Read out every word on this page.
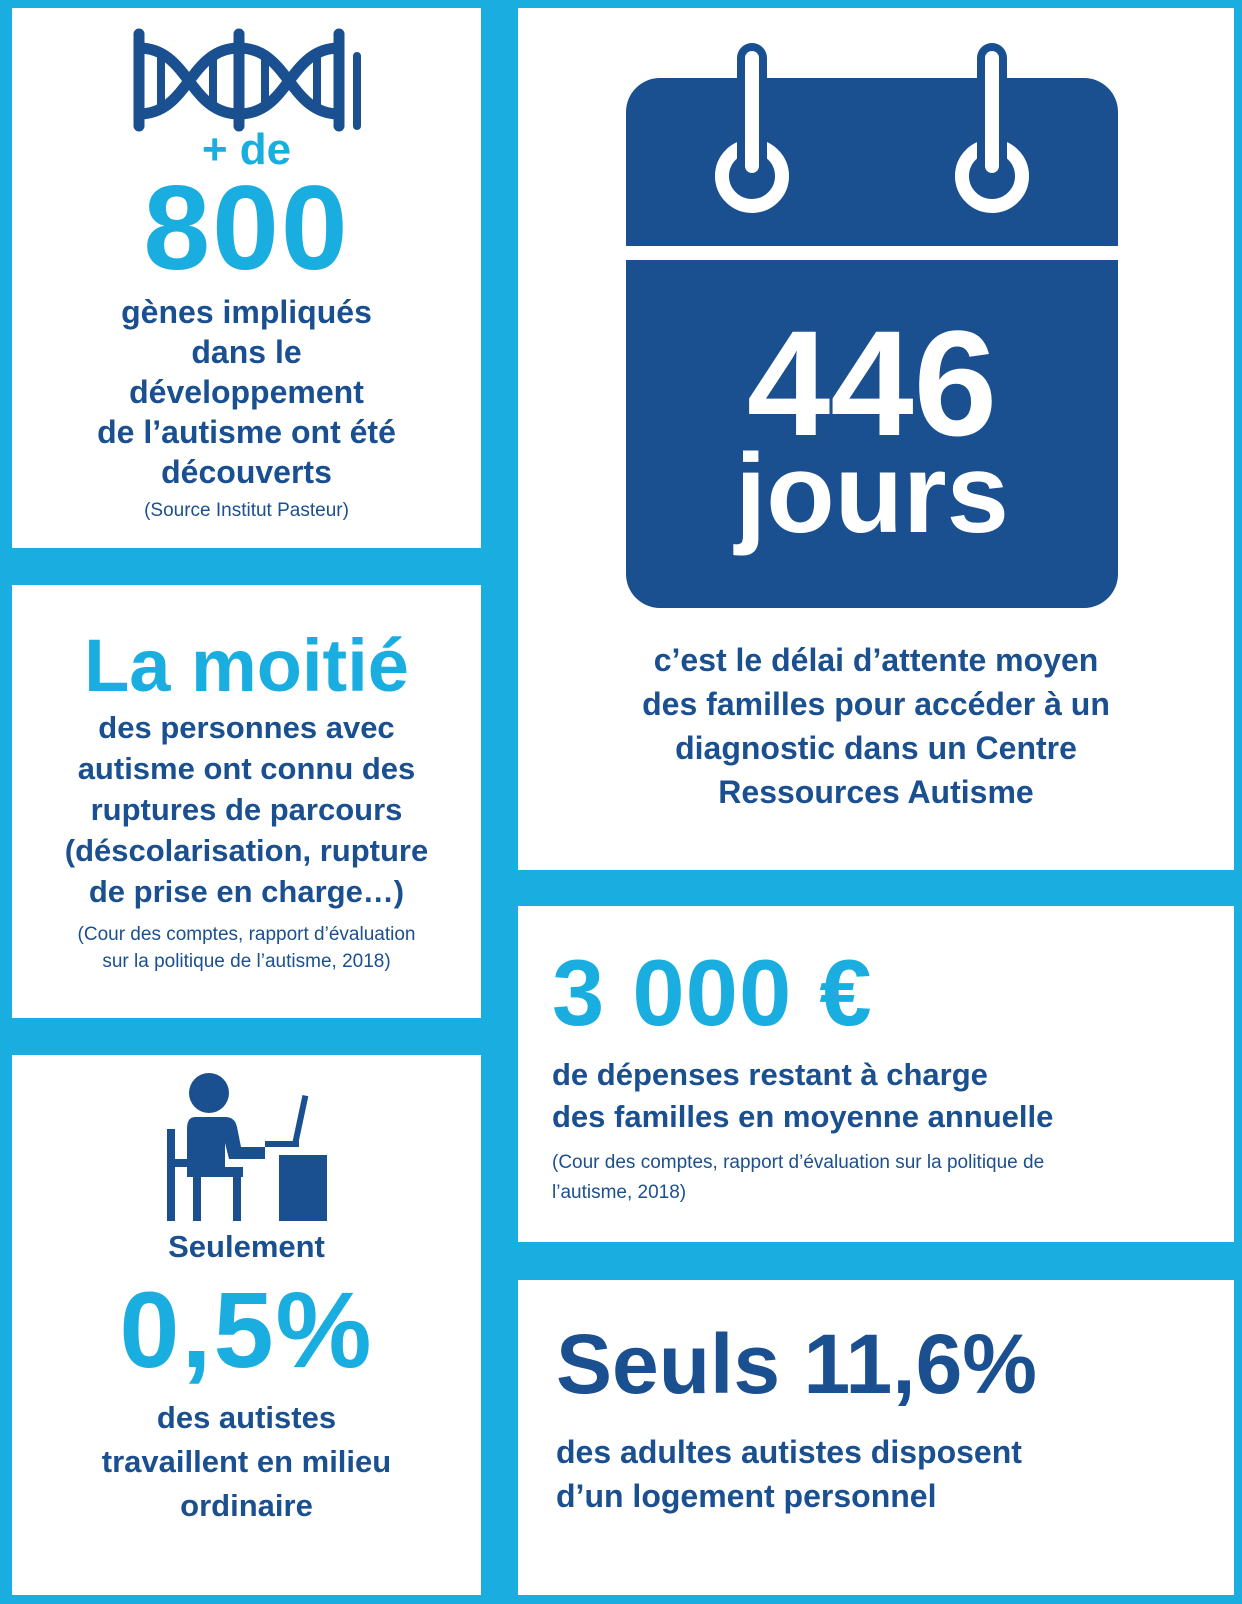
+ de
800
gènes impliqués
dans le
développement
de l’autisme ont été
découverts
(Source Institut Pasteur)
446
jours
c’est le délai d’attente moyen
des familles pour accéder à un
diagnostic dans un Centre
Ressources Autisme
La moitié
des personnes avec
autisme ont connu des
ruptures de parcours
(déscolarisation, rupture
de prise en charge…)
(Cour des comptes, rapport d’évaluation
sur la politique de l’autisme, 2018) 3 000 €
de dépenses restant à charge
des familles en moyenne annuelle
(Cour des comptes, rapport d’évaluation sur la politique de
l’autisme, 2018)
Seulement
0,5%
des autistes
travaillent en milieu
ordinaire
Seuls 11,6%
des adultes autistes disposent
d’un logement personnel
